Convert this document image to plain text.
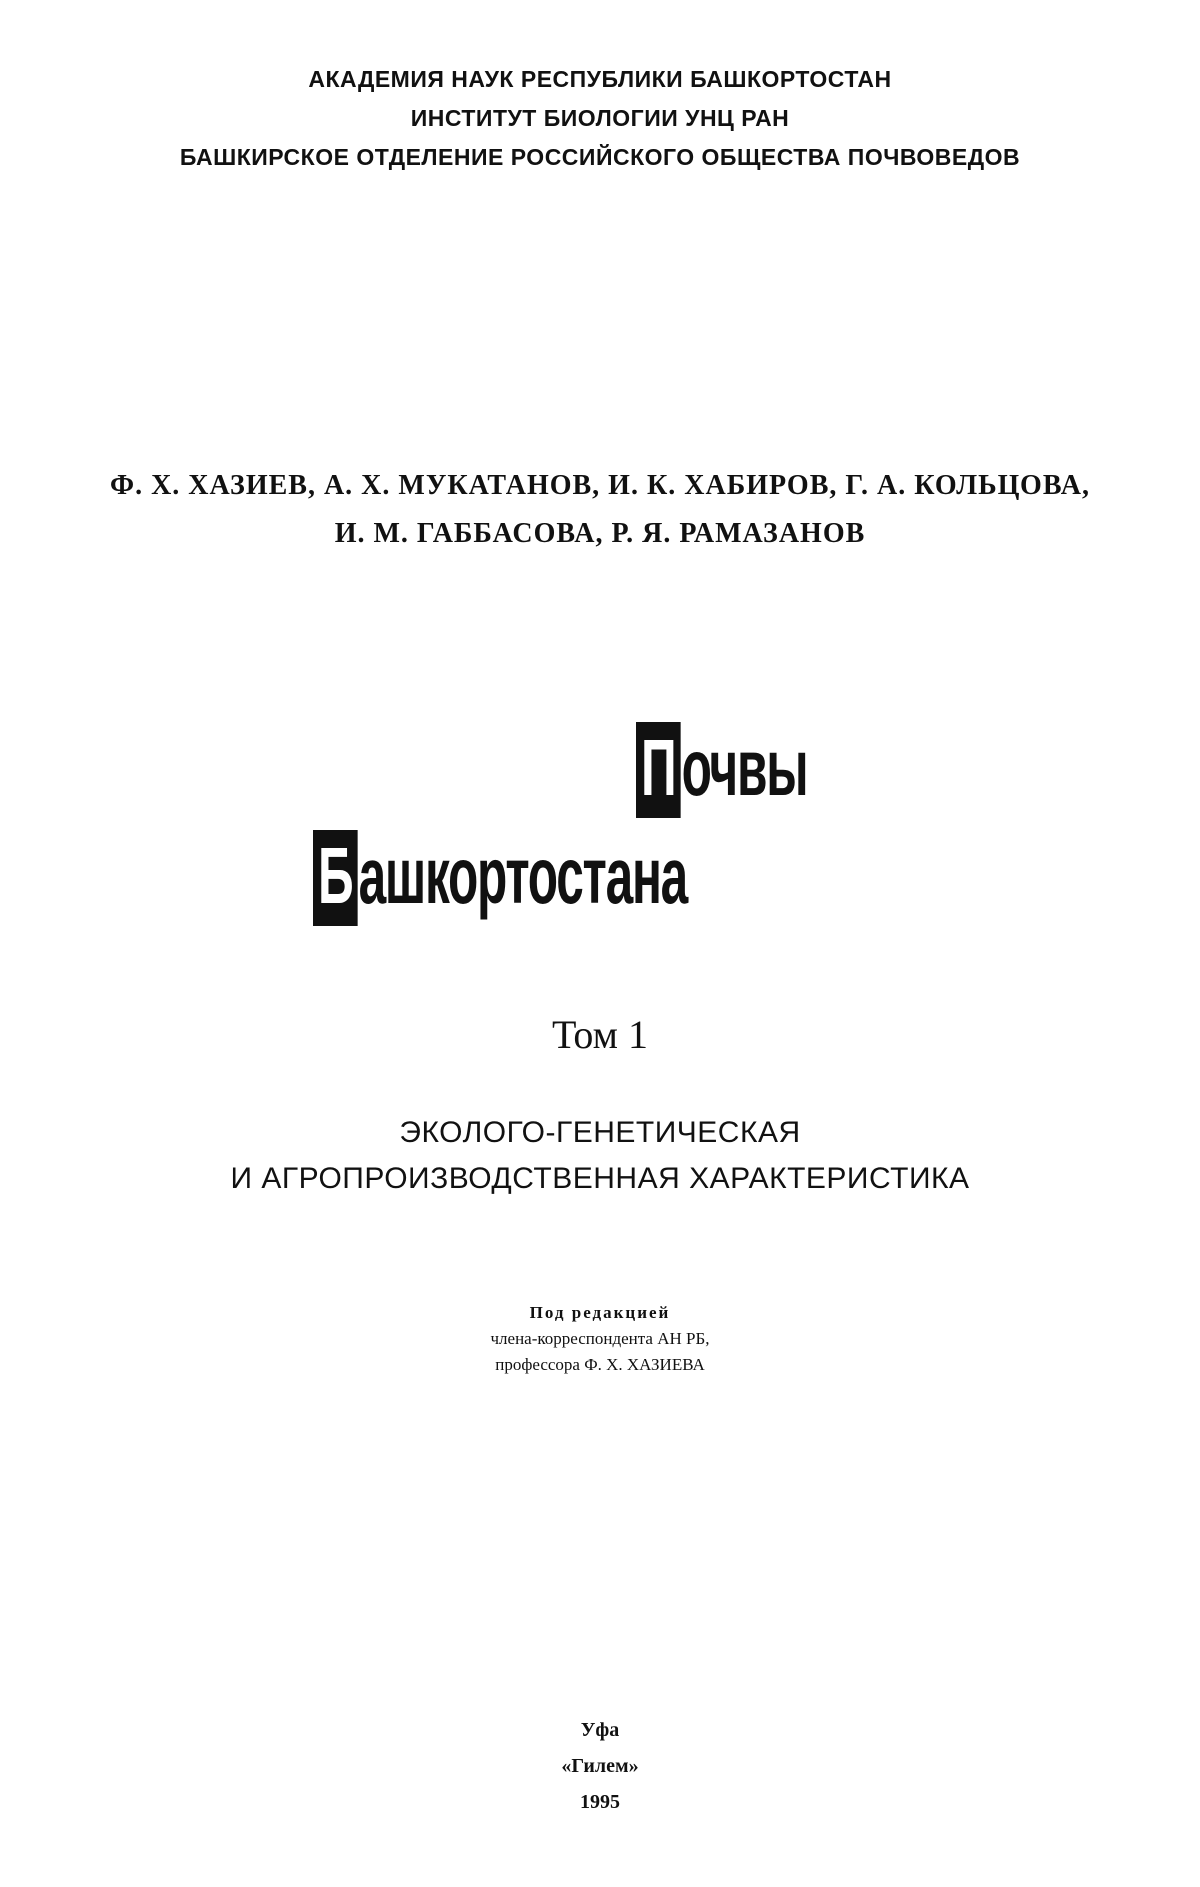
АКАДЕМИЯ НАУК РЕСПУБЛИКИ БАШКОРТОСТАН
ИНСТИТУТ БИОЛОГИИ УНЦ РАН
БАШКИРСКОЕ ОТДЕЛЕНИЕ РОССИЙСКОГО ОБЩЕСТВА ПОЧВОВЕДОВ
Ф. Х. ХАЗИЕВ, А. Х. МУКАТАНОВ, И. К. ХАБИРОВ, Г. А. КОЛЬЦОВА,
И. М. ГАББАСОВА, Р. Я. РАМАЗАНОВ
Почвы
Башкортостана
Том 1
ЭКОЛОГО-ГЕНЕТИЧЕСКАЯ
И АГРОПРОИЗВОДСТВЕННАЯ ХАРАКТЕРИСТИКА
Под редакцией
члена-корреспондента АН РБ,
профессора Ф. Х. ХАЗИЕВА
Уфа
«Гилем»
1995
